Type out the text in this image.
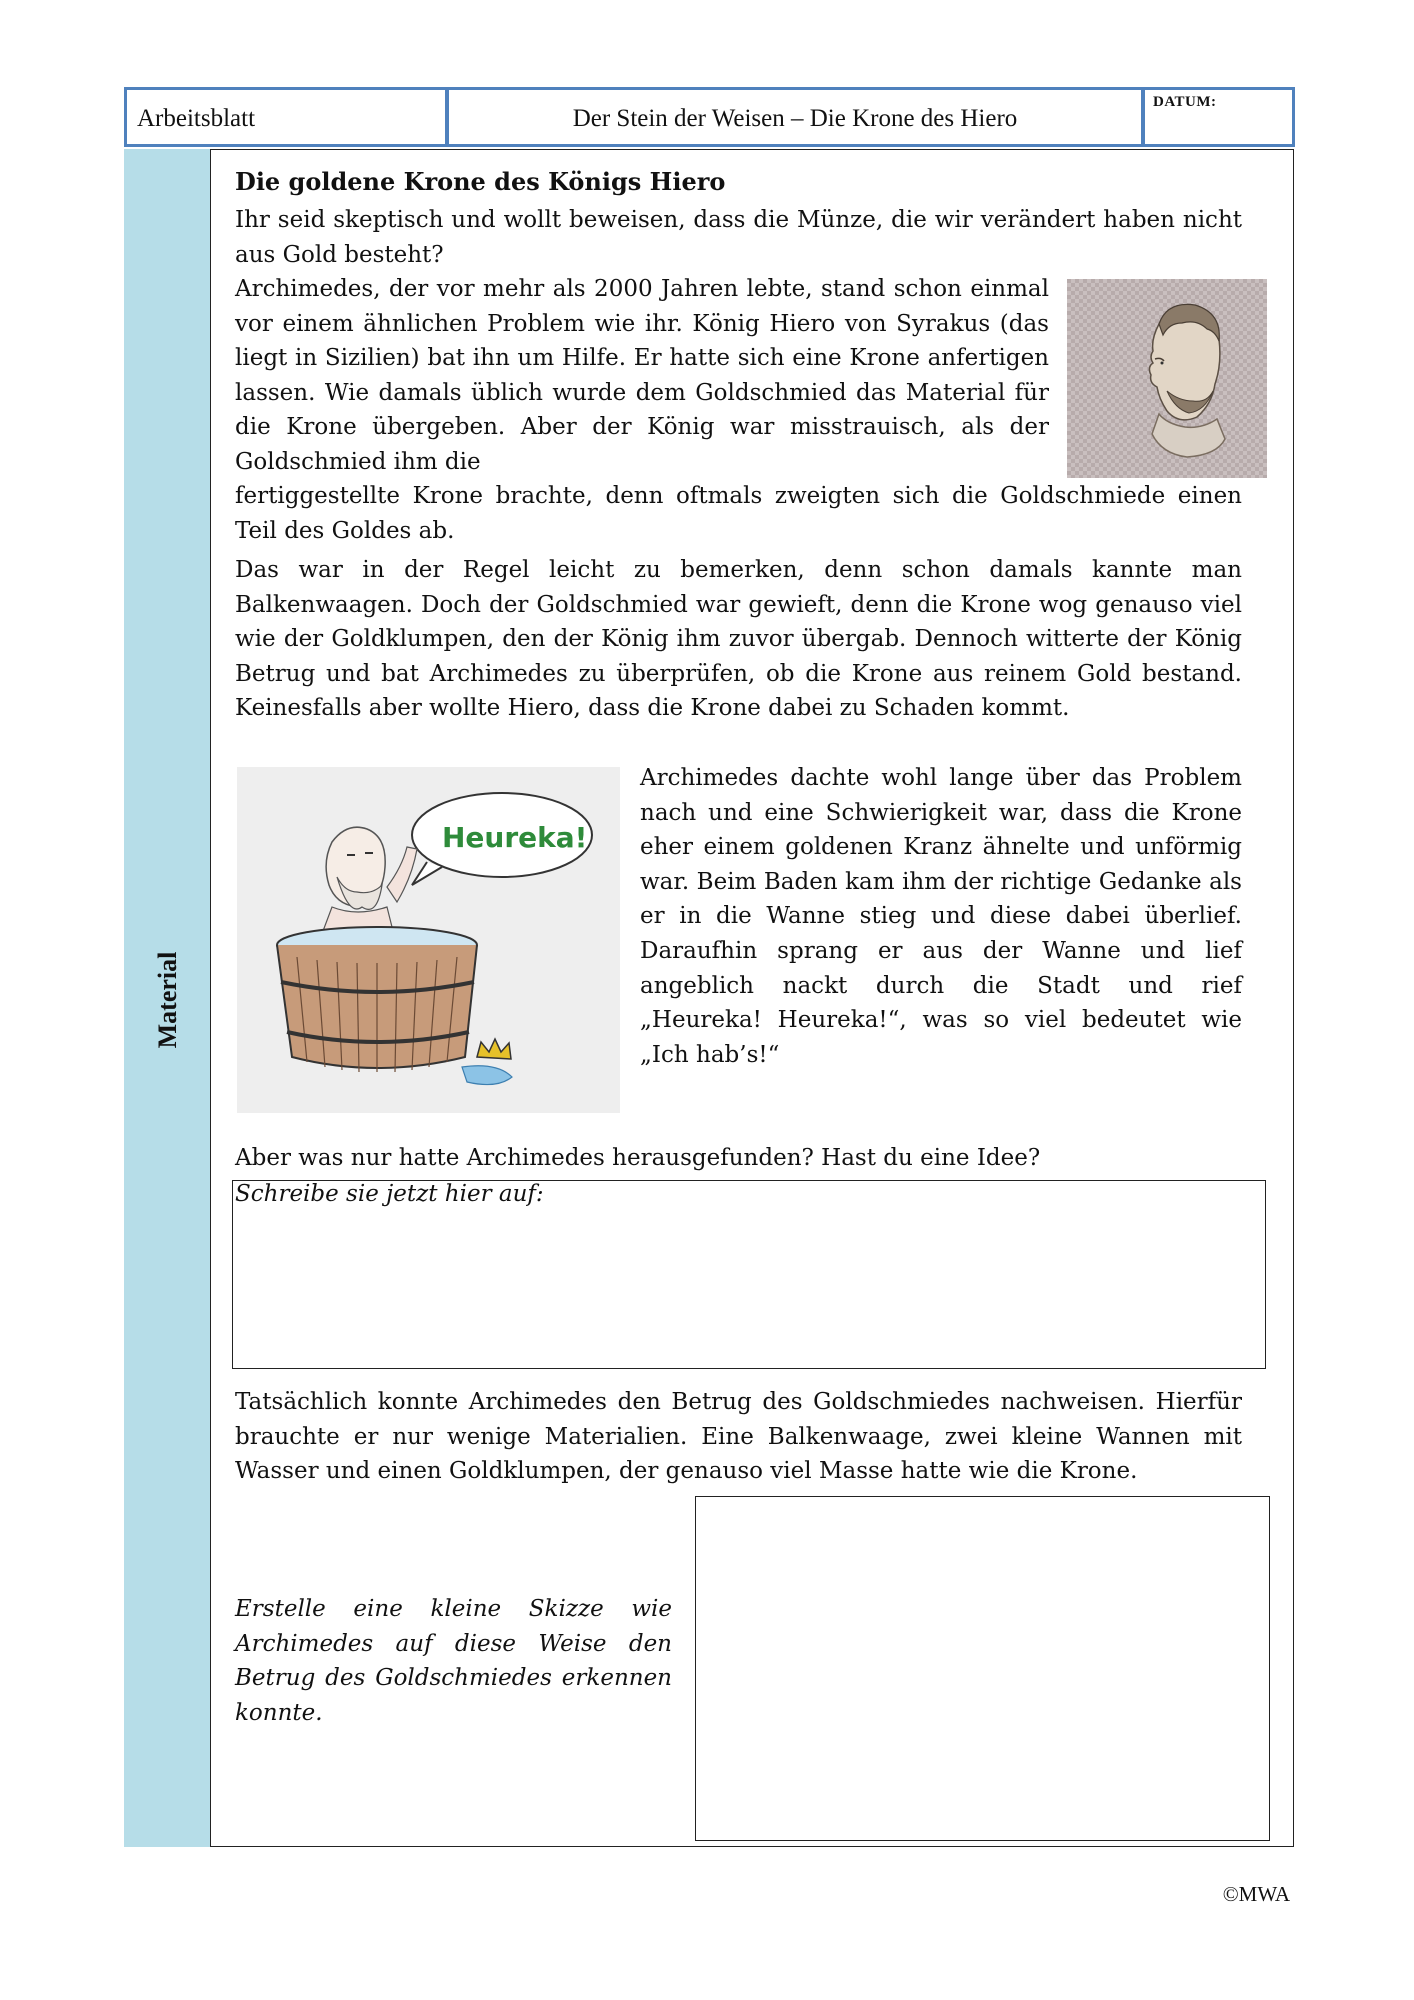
Arbeitsblatt	Der Stein der Weisen – Die Krone des Hiero
DATUM:
Material
Die goldene Krone des Königs Hiero
Ihr seid skeptisch und wollt beweisen, dass die Münze, die wir verändert haben nicht aus Gold besteht?
Archimedes, der vor mehr als 2000 Jahren lebte, stand schon einmal vor einem ähnlichen Problem wie ihr. König Hiero von Syrakus (das liegt in Sizilien) bat ihn um Hilfe. Er hatte sich eine Krone anfertigen lassen. Wie damals üblich wurde dem Goldschmied das Material für die Krone übergeben. Aber der König war misstrauisch, als der Goldschmied ihm die
fertiggestellte Krone brachte, denn oftmals zweigten sich die Goldschmiede einen Teil des Goldes ab.
Das war in der Regel leicht zu bemerken, denn schon damals kannte man Balkenwaagen. Doch der Goldschmied war gewieft, denn die Krone wog genauso viel wie der Goldklumpen, den der König ihm zuvor übergab. Dennoch witterte der König Betrug und bat Archimedes zu überprüfen, ob die Krone aus reinem Gold bestand. Keinesfalls aber wollte Hiero, dass die Krone dabei zu Schaden kommt.
Heureka!
Archimedes dachte wohl lange über das Problem nach und eine Schwierigkeit war, dass die Krone eher einem goldenen Kranz ähnelte und unförmig war. Beim Baden kam ihm der richtige Gedanke als er in die Wanne stieg und diese dabei überlief. Daraufhin sprang er aus der Wanne und lief angeblich nackt durch die Stadt und rief „Heureka! Heureka!“, was so viel bedeutet wie „Ich hab’s!“
Aber was nur hatte Archimedes herausgefunden? Hast du eine Idee?
Schreibe sie jetzt hier auf:
Tatsächlich konnte Archimedes den Betrug des Goldschmiedes nachweisen. Hierfür brauchte er nur wenige Materialien. Eine Balkenwaage, zwei kleine Wannen mit Wasser und einen Goldklumpen, der genauso viel Masse hatte wie die Krone.
Erstelle eine kleine Skizze wie Archimedes auf diese Weise den Betrug des Goldschmiedes erkennen konnte.
©MWA
